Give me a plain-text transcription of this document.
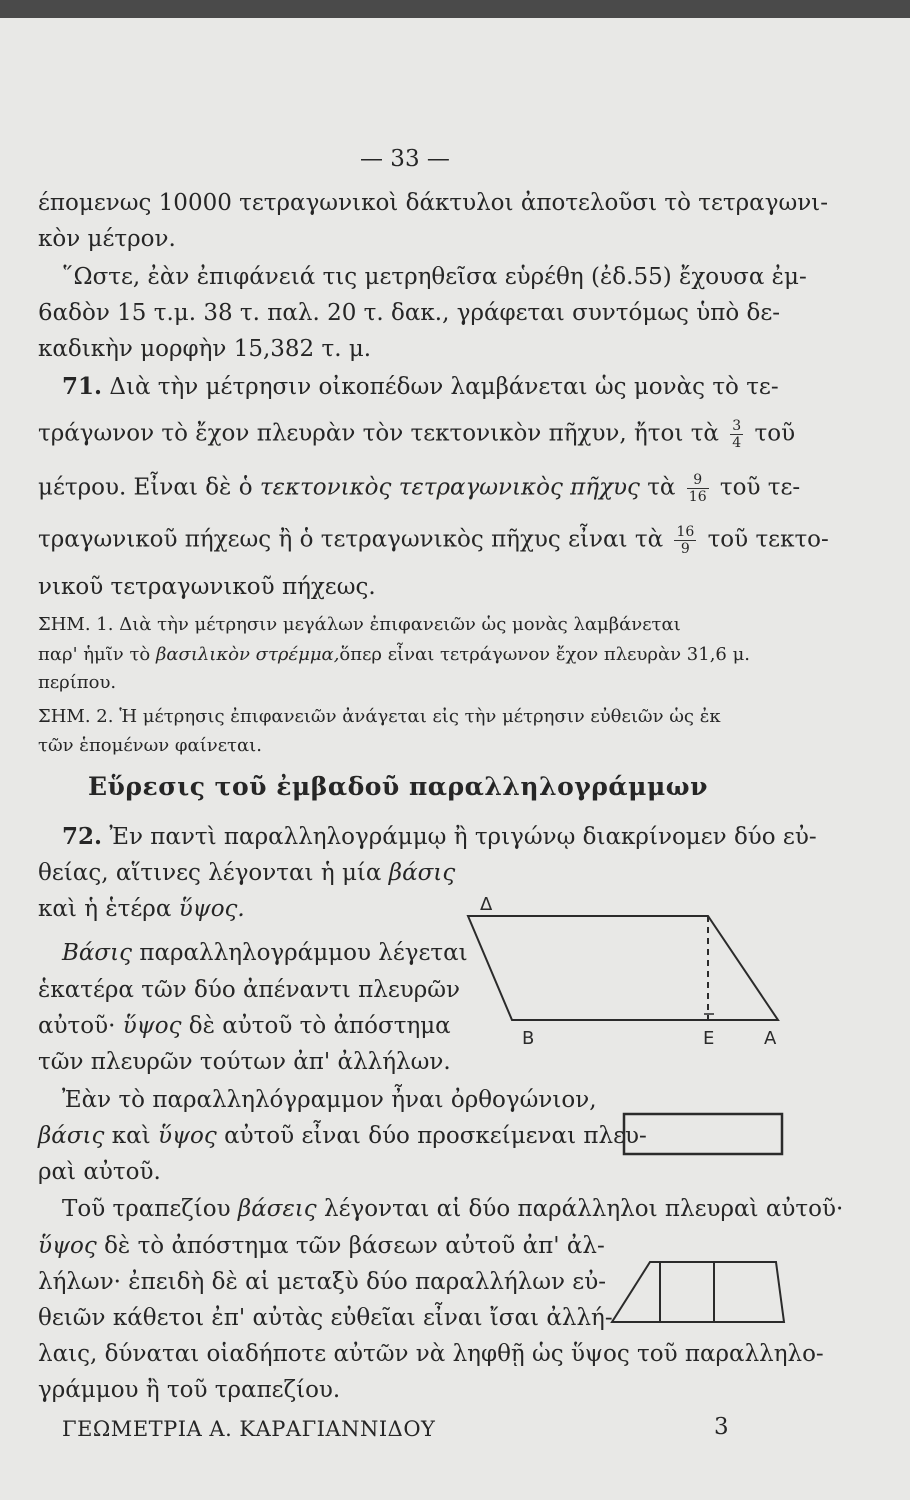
— 33 —
έπομενως 10000 τετραγωνικοὶ δάκτυλοι ἀποτελοῦσι τὸ τετραγωνι-
κὸν μέτρον.
῞Ωστε, ἐὰν ἐπιφάνειά τις μετρηθεῖσα εὑρέθη (ἐδ.55) ἔχουσα ἐμ-
6αδὸν 15 τ.μ. 38 τ. παλ. 20 τ. δακ., γράφεται συντόμως ὑπὸ δε-
καδικὴν μορφὴν 15,382 τ. μ.
71. Διὰ τὴν μέτρησιν οἰκοπέδων λαμβάνεται ὡς μονὰς τὸ τε-
τράγωνον τὸ ἔχον πλευρὰν τὸν τεκτονικὸν πῆχυν, ἤτοι τὰ $\frac{3}{4}$ τοῦ
μέτρου. Εἶναι δὲ ὁ τεκτονικὸς τετραγωνικὸς πῆχυς τὰ $\frac{9}{16}$ τοῦ τε-
τραγωνικοῦ πήχεως ἢ ὁ τετραγωνικὸς πῆχυς εἶναι τὰ $\frac{16}{9}$ τοῦ τεκτο-
νικοῦ τετραγωνικοῦ πήχεως.
ΣΗΜ. 1. Διὰ τὴν μέτρησιν μεγάλων ἐπιφανειῶν ὡς μονὰς λαμβάνεται
παρ' ἡμῖν τὸ βασιλικὸν στρέμμα,ὅπερ εἶναι τετράγωνον ἔχον πλευρὰν 31,6 μ.
περίπου.
ΣΗΜ. 2. Ἡ μέτρησις ἐπιφανειῶν ἀνάγεται εἰς τὴν μέτρησιν εὐθειῶν ὡς ἐκ
τῶν ἑπομένων φαίνεται.
Εὕρεσις τοῦ ἐμβαδοῦ παραλληλογράμμων
72. Ἐν παντὶ παραλληλογράμμῳ ἢ τριγώνῳ διακρίνομεν δύο εὐ-
θείας, αἵτινες λέγονται ἡ μία βάσις
καὶ ἡ ἑτέρα ὕψος.
Βάσις παραλληλογράμμου λέγεται
ἑκατέρα τῶν δύο ἀπέναντι πλευρῶν
αὐτοῦ· ὕψος δὲ αὐτοῦ τὸ ἀπόστημα
τῶν πλευρῶν τούτων ἀπ' ἀλλήλων.
Ἐὰν τὸ παραλληλόγραμμον ἦναι ὀρθογώνιον,
βάσις καὶ ὕψος αὐτοῦ εἶναι δύο προσκείμεναι πλευ-
ραὶ αὐτοῦ.
Τοῦ τραπεζίου βάσεις λέγονται αἱ δύο παράλληλοι πλευραὶ αὐτοῦ·
ὕψος δὲ τὸ ἀπόστημα τῶν βάσεων αὐτοῦ ἀπ' ἀλ-
λήλων· ἐπειδὴ δὲ αἱ μεταξὺ δύο παραλλήλων εὐ-
θειῶν κάθετοι ἐπ' αὐτὰς εὐθεῖαι εἶναι ἴσαι ἀλλή-
λαις, δύναται οἱαδήποτε αὐτῶν νὰ ληφθῇ ὡς ὕψος τοῦ παραλληλο-
γράμμου ἢ τοῦ τραπεζίου.
Δ
Β	Ε	Α
ΓΕΩΜΕΤΡΙΑ Α. ΚΑΡΑΓΙΑΝΝΙΔΟΥ	3
